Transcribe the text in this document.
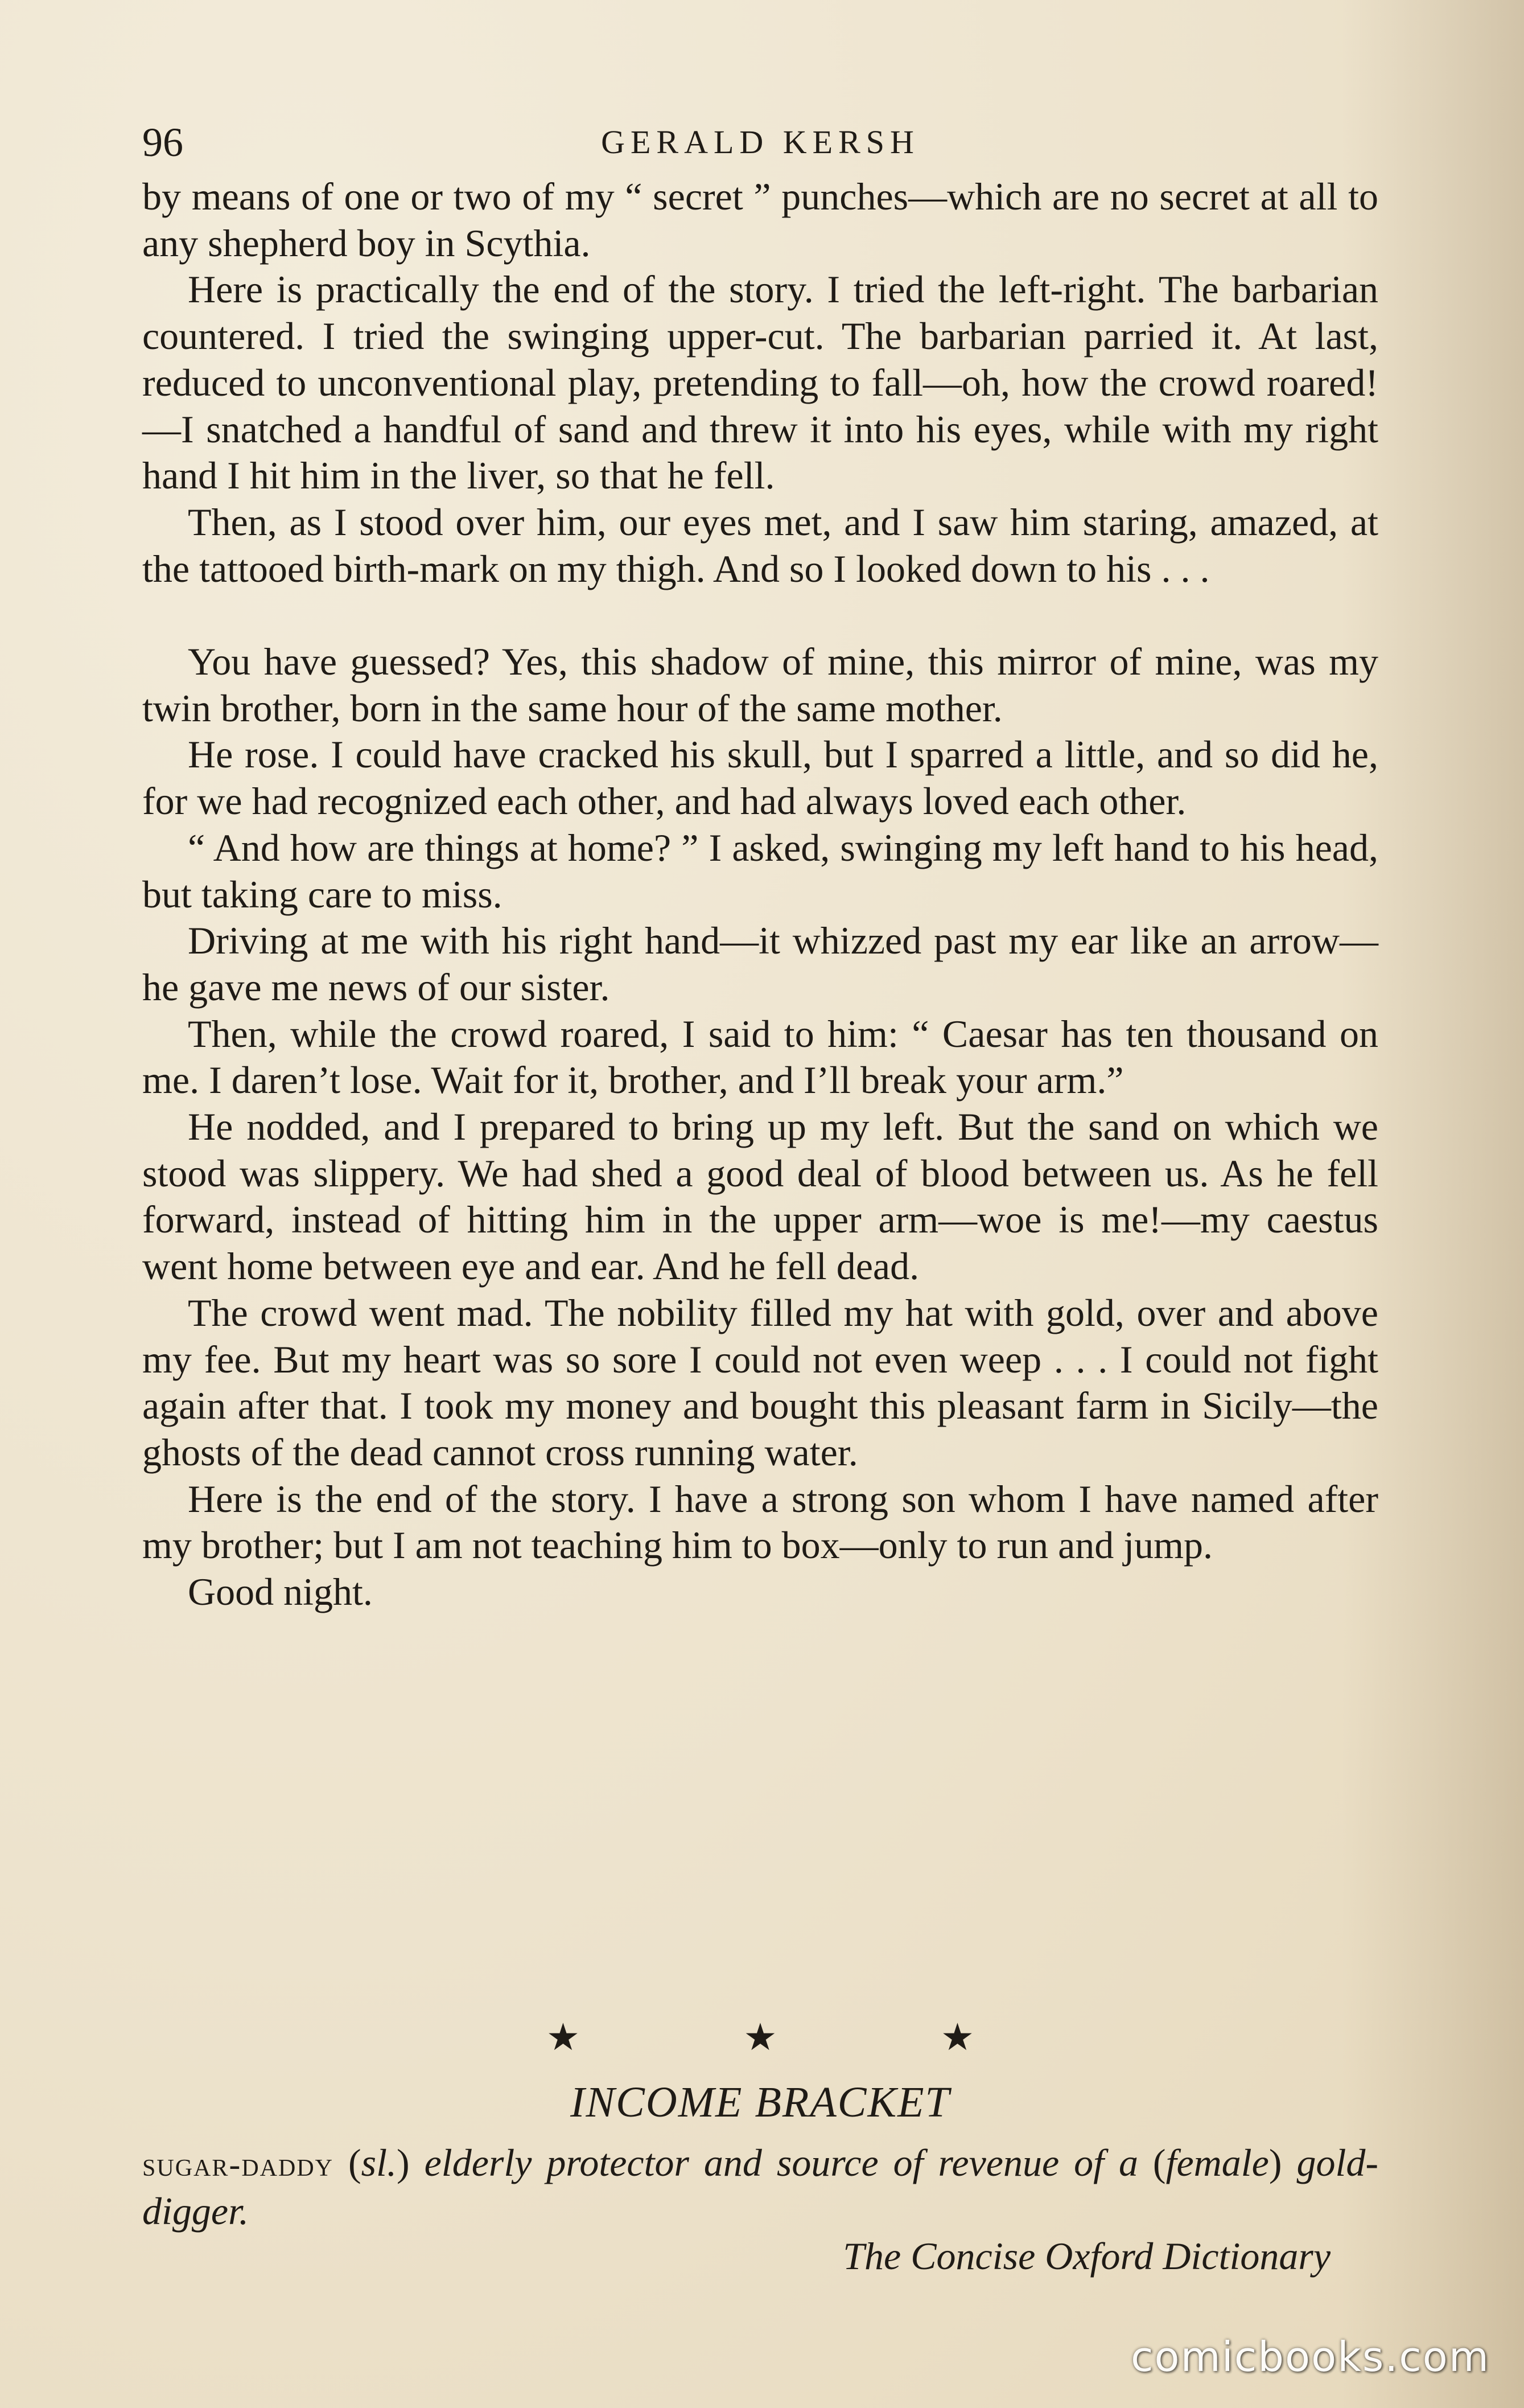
96	GERALD KERSH

by means of one or two of my “ secret ” punches—which are no secret at all to any shepherd boy in Scythia.

Here is practically the end of the story. I tried the left-right. The barbarian countered. I tried the swinging upper-cut. The barbarian parried it. At last, reduced to unconventional play, pretending to fall—oh, how the crowd roared!—I snatched a handful of sand and threw it into his eyes, while with my right hand I hit him in the liver, so that he fell.

Then, as I stood over him, our eyes met, and I saw him staring, amazed, at the tattooed birth-mark on my thigh. And so I looked down to his . . .

You have guessed? Yes, this shadow of mine, this mirror of mine, was my twin brother, born in the same hour of the same mother.

He rose. I could have cracked his skull, but I sparred a little, and so did he, for we had recognized each other, and had always loved each other.

“ And how are things at home? ” I asked, swinging my left hand to his head, but taking care to miss.

Driving at me with his right hand—it whizzed past my ear like an arrow—he gave me news of our sister.

Then, while the crowd roared, I said to him: “ Caesar has ten thousand on me. I daren’t lose. Wait for it, brother, and I’ll break your arm.”

He nodded, and I prepared to bring up my left. But the sand on which we stood was slippery. We had shed a good deal of blood between us. As he fell forward, instead of hitting him in the upper arm—woe is me!—my caestus went home between eye and ear. And he fell dead.

The crowd went mad. The nobility filled my hat with gold, over and above my fee. But my heart was so sore I could not even weep . . . I could not fight again after that. I took my money and bought this pleasant farm in Sicily—the ghosts of the dead cannot cross running water.

Here is the end of the story. I have a strong son whom I have named after my brother; but I am not teaching him to box—only to run and jump.

Good night.

★	★	★
INCOME BRACKET

sugar-daddy (sl.) elderly protector and source of revenue of a (female) gold-digger.

The Concise Oxford Dictionary
comicbooks.com
